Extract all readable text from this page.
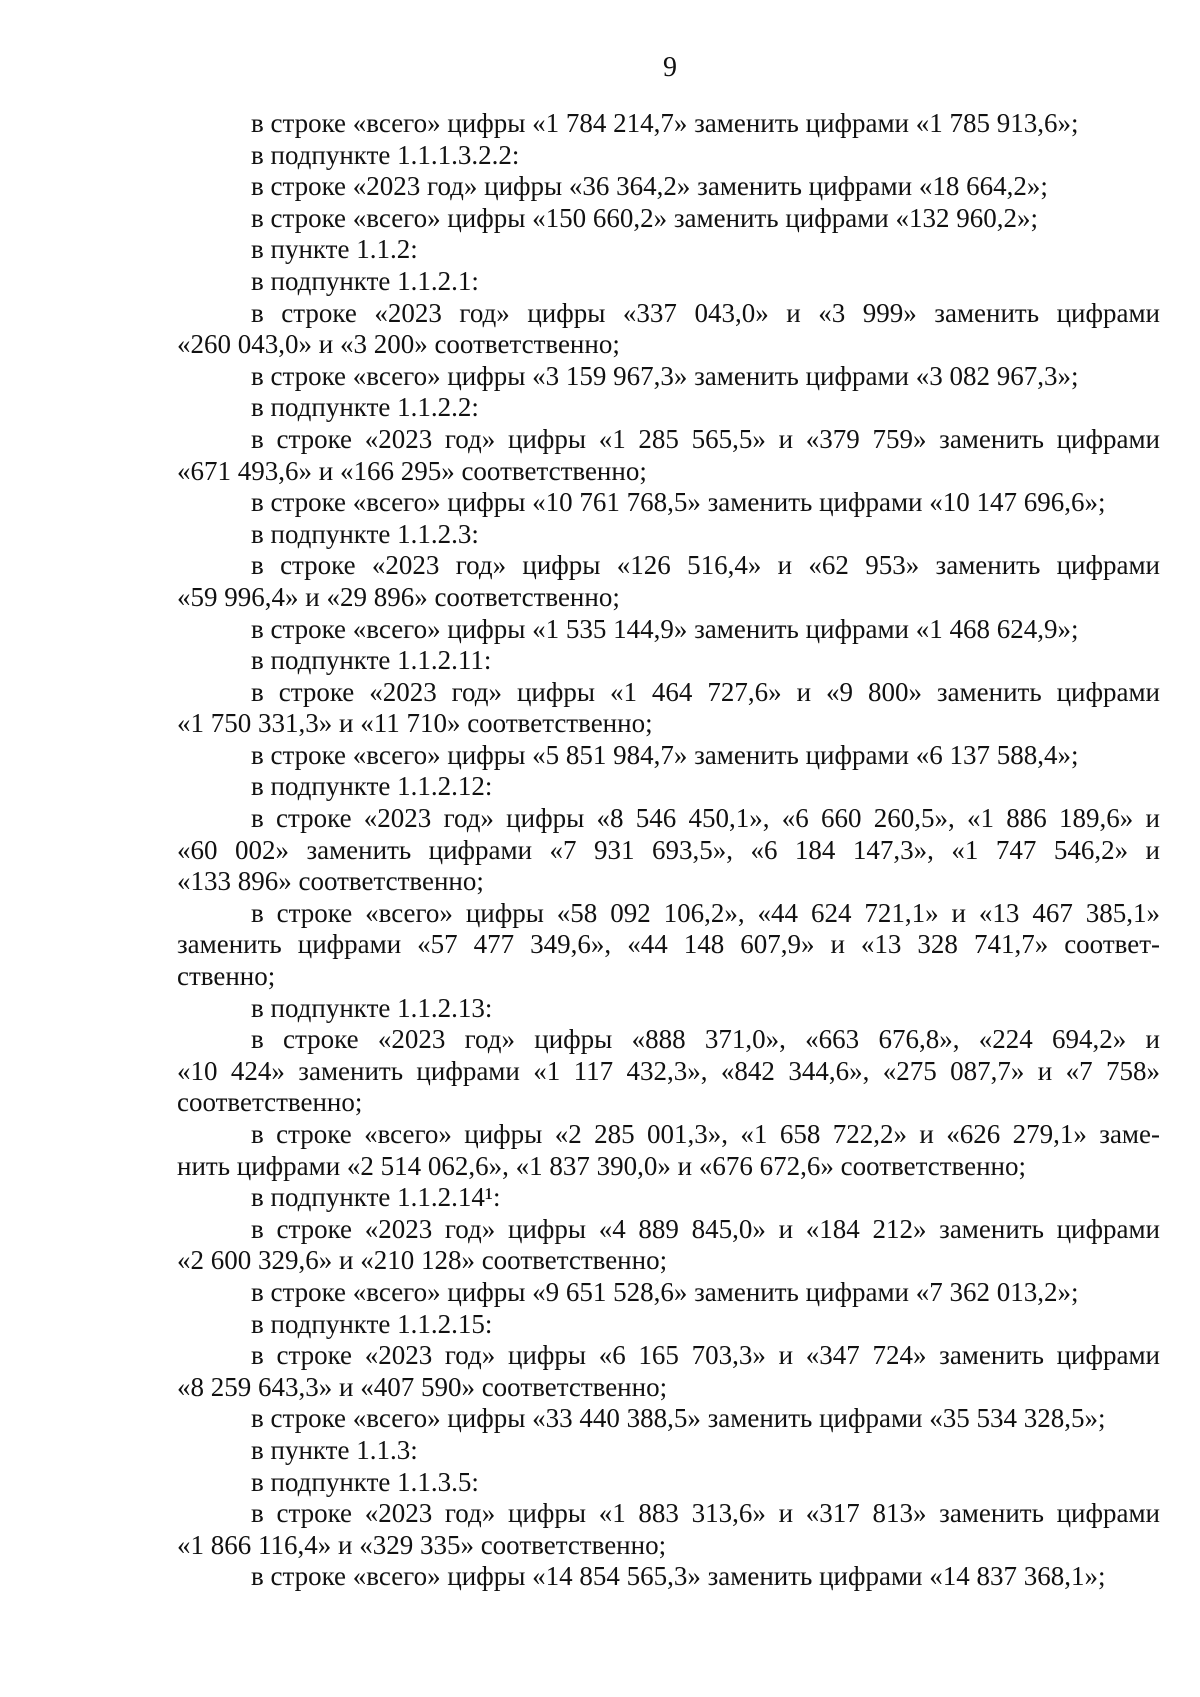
9
в строке «всего» цифры «1 784 214,7» заменить цифрами «1 785 913,6»;
в подпункте 1.1.1.3.2.2:
в строке «2023 год» цифры «36 364,2» заменить цифрами «18 664,2»;
в строке «всего» цифры «150 660,2» заменить цифрами «132 960,2»;
в пункте 1.1.2:
в подпункте 1.1.2.1:
в строке «2023 год» цифры «337 043,0» и «3 999» заменить цифрами
«260 043,0» и «3 200» соответственно;
в строке «всего» цифры «3 159 967,3» заменить цифрами «3 082 967,3»;
в подпункте 1.1.2.2:
в строке «2023 год» цифры «1 285 565,5» и «379 759» заменить цифрами
«671 493,6» и «166 295» соответственно;
в строке «всего» цифры «10 761 768,5» заменить цифрами «10 147 696,6»;
в подпункте 1.1.2.3:
в строке «2023 год» цифры «126 516,4» и «62 953» заменить цифрами
«59 996,4» и «29 896» соответственно;
в строке «всего» цифры «1 535 144,9» заменить цифрами «1 468 624,9»;
в подпункте 1.1.2.11:
в строке «2023 год» цифры «1 464 727,6» и «9 800» заменить цифрами
«1 750 331,3» и «11 710» соответственно;
в строке «всего» цифры «5 851 984,7» заменить цифрами «6 137 588,4»;
в подпункте 1.1.2.12:
в строке «2023 год» цифры «8 546 450,1», «6 660 260,5», «1 886 189,6» и
«60 002» заменить цифрами «7 931 693,5», «6 184 147,3», «1 747 546,2» и
«133 896» соответственно;
в строке «всего» цифры «58 092 106,2», «44 624 721,1» и «13 467 385,1»
заменить цифрами «57 477 349,6», «44 148 607,9» и «13 328 741,7» соответ-
ственно;
в подпункте 1.1.2.13:
в строке «2023 год» цифры «888 371,0», «663 676,8», «224 694,2» и
«10 424» заменить цифрами «1 117 432,3», «842 344,6», «275 087,7» и «7 758»
соответственно;
в строке «всего» цифры «2 285 001,3», «1 658 722,2» и «626 279,1» заме-
нить цифрами «2 514 062,6», «1 837 390,0» и «676 672,6» соответственно;
в подпункте 1.1.2.14¹:
в строке «2023 год» цифры «4 889 845,0» и «184 212» заменить цифрами
«2 600 329,6» и «210 128» соответственно;
в строке «всего» цифры «9 651 528,6» заменить цифрами «7 362 013,2»;
в подпункте 1.1.2.15:
в строке «2023 год» цифры «6 165 703,3» и «347 724» заменить цифрами
«8 259 643,3» и «407 590» соответственно;
в строке «всего» цифры «33 440 388,5» заменить цифрами «35 534 328,5»;
в пункте 1.1.3:
в подпункте 1.1.3.5:
в строке «2023 год» цифры «1 883 313,6» и «317 813» заменить цифрами
«1 866 116,4» и «329 335» соответственно;
в строке «всего» цифры «14 854 565,3» заменить цифрами «14 837 368,1»;
